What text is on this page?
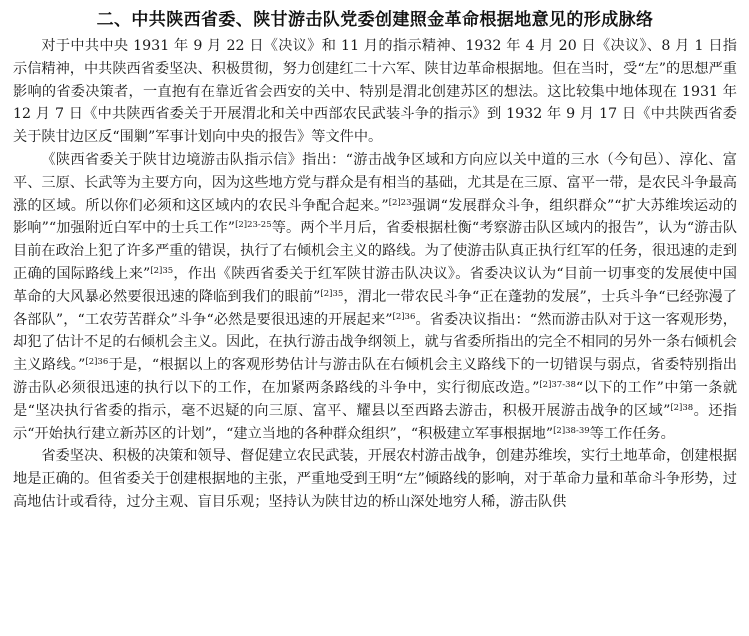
二、中共陕西省委、陕甘游击队党委创建照金革命根据地意见的形成脉络

对于中共中央 1931 年 9 月 22 日《决议》和 11 月的指示精神、1932 年 4 月 20 日《决议》、8 月 1 日指示信精神，中共陕西省委坚决、积极贯彻，努力创建红二十六军、陕甘边革命根据地。但在当时，受“左”的思想严重影响的省委决策者，一直抱有在靠近省会西安的关中、特别是渭北创建苏区的想法。这比较集中地体现在 1931 年 12 月 7 日《中共陕西省委关于开展渭北和关中西部农民武装斗争的指示》到 1932 年 9 月 17 日《中共陕西省委关于陕甘边区反“围剿”军事计划向中央的报告》等文件中。

《陕西省委关于陕甘边境游击队指示信》指出：“游击战争区域和方向应以关中道的三水（今旬邑）、淳化、富平、三原、长武等为主要方向，因为这些地方党与群众是有相当的基础，尤其是在三原、富平一带，是农民斗争最高涨的区域。所以你们必须和这区域内的农民斗争配合起来。”$^{[2]23}$强调“发展群众斗争，组织群众”“扩大苏维埃运动的影响”“加强附近白军中的士兵工作”$^{[2]23-25}$等。两个半月后，省委根据杜衡“考察游击队区域内的报告”，认为“游击队目前在政治上犯了许多严重的错误，执行了右倾机会主义的路线。为了使游击队真正执行红军的任务，很迅速的走到正确的国际路线上来”$^{[2]35}$，作出《陕西省委关于红军陕甘游击队决议》。省委决议认为“目前一切事变的发展使中国革命的大风暴必然要很迅速的降临到我们的眼前”$^{[2]35}$，渭北一带农民斗争“正在蓬勃的发展”，士兵斗争“已经弥漫了各部队”，“工农劳苦群众”斗争“必然是要很迅速的开展起来”$^{[2]36}$。省委决议指出：“然而游击队对于这一客观形势，却犯了估计不足的右倾机会主义。因此，在执行游击战争纲领上，就与省委所指出的完全不相同的另外一条右倾机会主义路线。”$^{[2]36}$于是，“根据以上的客观形势估计与游击队在右倾机会主义路线下的一切错误与弱点，省委特别指出游击队必须很迅速的执行以下的工作，在加紧两条路线的斗争中，实行彻底改造。”$^{[2]37-38}$“以下的工作”中第一条就是“坚决执行省委的指示，毫不迟疑的向三原、富平、耀县以至西路去游击，积极开展游击战争的区域”$^{[2]38}$。还指示“开始执行建立新苏区的计划”，“建立当地的各种群众组织”，“积极建立军事根据地”$^{[2]38-39}$等工作任务。

省委坚决、积极的决策和领导、督促建立农民武装，开展农村游击战争，创建苏维埃，实行土地革命，创建根据地是正确的。但省委关于创建根据地的主张，严重地受到王明“左”倾路线的影响，对于革命力量和革命斗争形势，过高地估计或看待，过分主观、盲目乐观；坚持认为陕甘边的桥山深处地穷人稀，游击队供
